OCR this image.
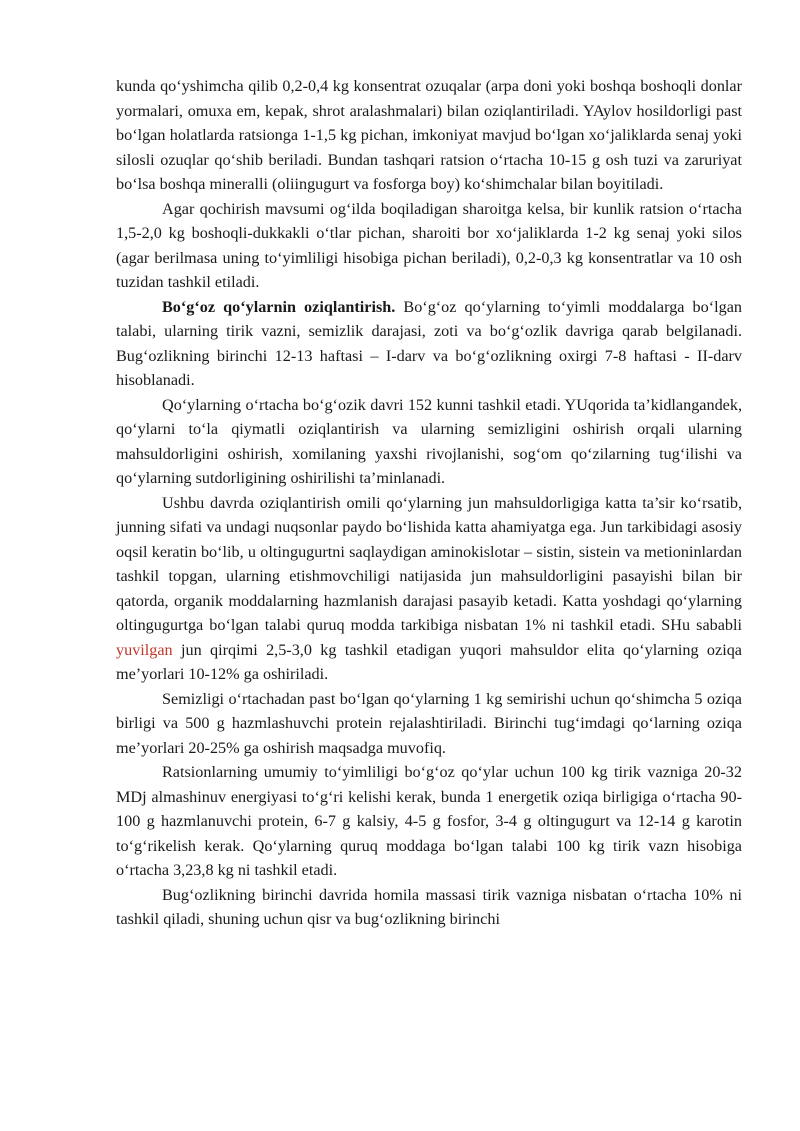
kunda qo‘yshimcha qilib 0,2-0,4 kg konsentrat ozuqalar (arpa doni yoki boshqa boshoqli donlar yormalari, omuxa em, kepak, shrot aralashmalari) bilan oziqlantiriladi. YAylov hosildorligi past bo‘lgan holatlarda ratsionga 1-1,5 kg pichan, imkoniyat mavjud bo‘lgan xo‘jaliklarda senaj yoki silosli ozuqlar qo‘shib beriladi. Bundan tashqari ratsion o‘rtacha 10-15 g osh tuzi va zaruriyat bo‘lsa boshqa mineralli (oliingugurt va fosforga boy) ko‘shimchalar bilan boyitiladi.

Agar qochirish mavsumi og‘ilda boqiladigan sharoitga kelsa, bir kunlik ratsion o‘rtacha 1,5-2,0 kg boshoqli-dukkakli o‘tlar pichan, sharoiti bor xo‘jaliklarda 1-2 kg senaj yoki silos (agar berilmasa uning to‘yimliligi hisobiga pichan beriladi), 0,2-0,3 kg konsentratlar va 10 osh tuzidan tashkil etiladi.

Bo‘g‘oz qo‘ylarnin oziqlantirish. Bo‘g‘oz qo‘ylarning to‘yimli moddalarga bo‘lgan talabi, ularning tirik vazni, semizlik darajasi, zoti va bo‘g‘ozlik davriga qarab belgilanadi. Bug‘ozlikning birinchi 12-13 haftasi – I-darv va bo‘g‘ozlikning oxirgi 7-8 haftasi - II-darv hisoblanadi.

Qo‘ylarning o‘rtacha bo‘g‘ozik davri 152 kunni tashkil etadi. YUqorida ta’kidlangandek, qo‘ylarni to‘la qiymatli oziqlantirish va ularning semizligini oshirish orqali ularning mahsuldorligini oshirish, xomilaning yaxshi rivojlanishi, sog‘om qo‘zilarning tug‘ilishi va qo‘ylarning sutdorligining oshirilishi ta’minlanadi.

Ushbu davrda oziqlantirish omili qo‘ylarning jun mahsuldorligiga katta ta’sir ko‘rsatib, junning sifati va undagi nuqsonlar paydo bo‘lishida katta ahamiyatga ega. Jun tarkibidagi asosiy oqsil keratin bo‘lib, u oltingugurtni saqlaydigan aminokislotar – sistin, sistein va metioninlardan tashkil topgan, ularning etishmovchiligi natijasida jun mahsuldorligini pasayishi bilan bir qatorda, organik moddalarning hazmlanish darajasi pasayib ketadi. Katta yoshdagi qo‘ylarning oltingugurtga bo‘lgan talabi quruq modda tarkibiga nisbatan 1% ni tashkil etadi. SHu sababli yuvilgan jun qirqimi 2,5-3,0 kg tashkil etadigan yuqori mahsuldor elita qo‘ylarning oziqa me’yorlari 10-12% ga oshiriladi.

Semizligi o‘rtachadan past bo‘lgan qo‘ylarning 1 kg semirishi uchun qo‘shimcha 5 oziqa birligi va 500 g hazmlashuvchi protein rejalashtiriladi. Birinchi tug‘imdagi qo‘larning oziqa me’yorlari 20-25% ga oshirish maqsadga muvofiq.

Ratsionlarning umumiy to‘yimliligi bo‘g‘oz qo‘ylar uchun 100 kg tirik vazniga 20-32 MDj almashinuv energiyasi to‘g‘ri kelishi kerak, bunda 1 energetik oziqa birligiga o‘rtacha 90-100 g hazmlanuvchi protein, 6-7 g kalsiy, 4-5 g fosfor, 3-4 g oltingugurt va 12-14 g karotin to‘g‘rikelish kerak. Qo‘ylarning quruq moddaga bo‘lgan talabi 100 kg tirik vazn hisobiga o‘rtacha 3,23,8 kg ni tashkil etadi.

Bug‘ozlikning birinchi davrida homila massasi tirik vazniga nisbatan o‘rtacha 10% ni tashkil qiladi, shuning uchun qisr va bug‘ozlikning birinchi
